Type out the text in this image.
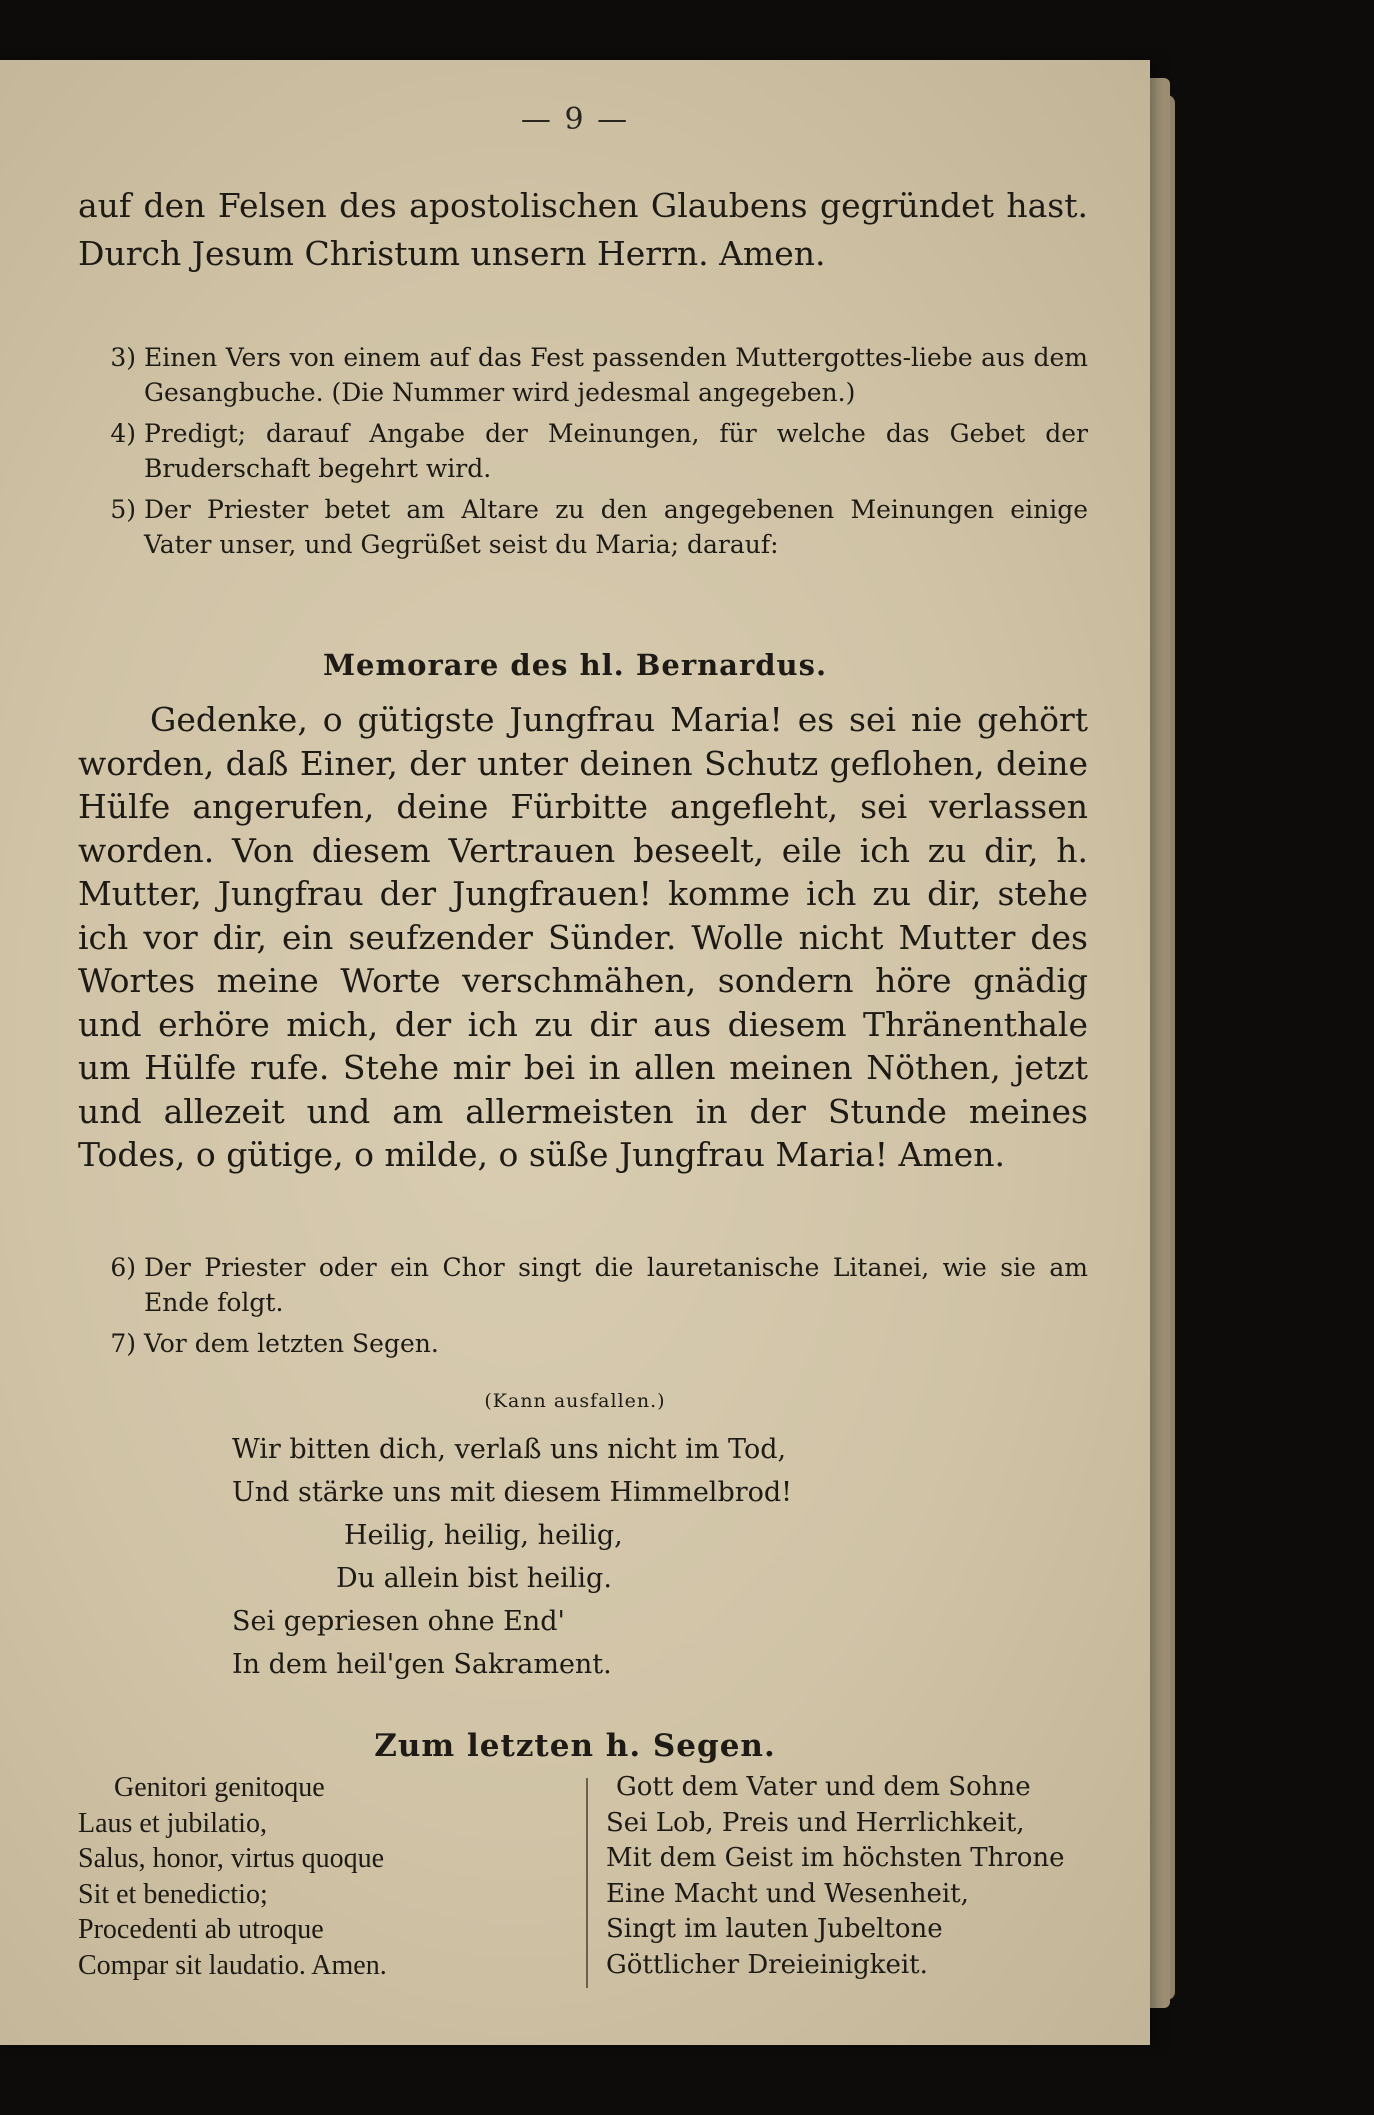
— 9 —
auf den Felsen des apostolischen Glaubens gegründet hast. Durch Jesum Christum unsern Herrn. Amen.
3) Einen Vers von einem auf das Fest passenden Muttergottes-liebe aus dem Gesangbuche. (Die Nummer wird jedesmal angegeben.)
4) Predigt; darauf Angabe der Meinungen, für welche das Gebet der Bruderschaft begehrt wird.
5) Der Priester betet am Altare zu den angegebenen Meinungen einige Vater unser, und Gegrüßet seist du Maria; darauf:
Memorare des hl. Bernardus.
Gedenke, o gütigste Jungfrau Maria! es sei nie gehört worden, daß Einer, der unter deinen Schutz geflohen, deine Hülfe angerufen, deine Fürbitte angefleht, sei verlassen worden. Von diesem Vertrauen beseelt, eile ich zu dir, h. Mutter, Jungfrau der Jungfrauen! komme ich zu dir, stehe ich vor dir, ein seufzender Sünder. Wolle nicht Mutter des Wortes meine Worte verschmähen, sondern höre gnädig und erhöre mich, der ich zu dir aus diesem Thränenthale um Hülfe rufe. Stehe mir bei in allen meinen Nöthen, jetzt und allezeit und am allermeisten in der Stunde meines Todes, o gütige, o milde, o süße Jungfrau Maria! Amen.
6) Der Priester oder ein Chor singt die lauretanische Litanei, wie sie am Ende folgt.
7) Vor dem letzten Segen.
(Kann ausfallen.)
Wir bitten dich, verlaß uns nicht im Tod,
Und stärke uns mit diesem Himmelbrod!
Heilig, heilig, heilig,
Du allein bist heilig.
Sei gepriesen ohne End'
In dem heil'gen Sakrament.
Zum letzten h. Segen.
Genitori genitoque
Laus et jubilatio,
Salus, honor, virtus quoque
Sit et benedictio;
Procedenti ab utroque
Compar sit laudatio. Amen.
Gott dem Vater und dem Sohne
Sei Lob, Preis und Herrlichkeit,
Mit dem Geist im höchsten Throne
Eine Macht und Wesenheit,
Singt im lauten Jubeltone
Göttlicher Dreieinigkeit.
